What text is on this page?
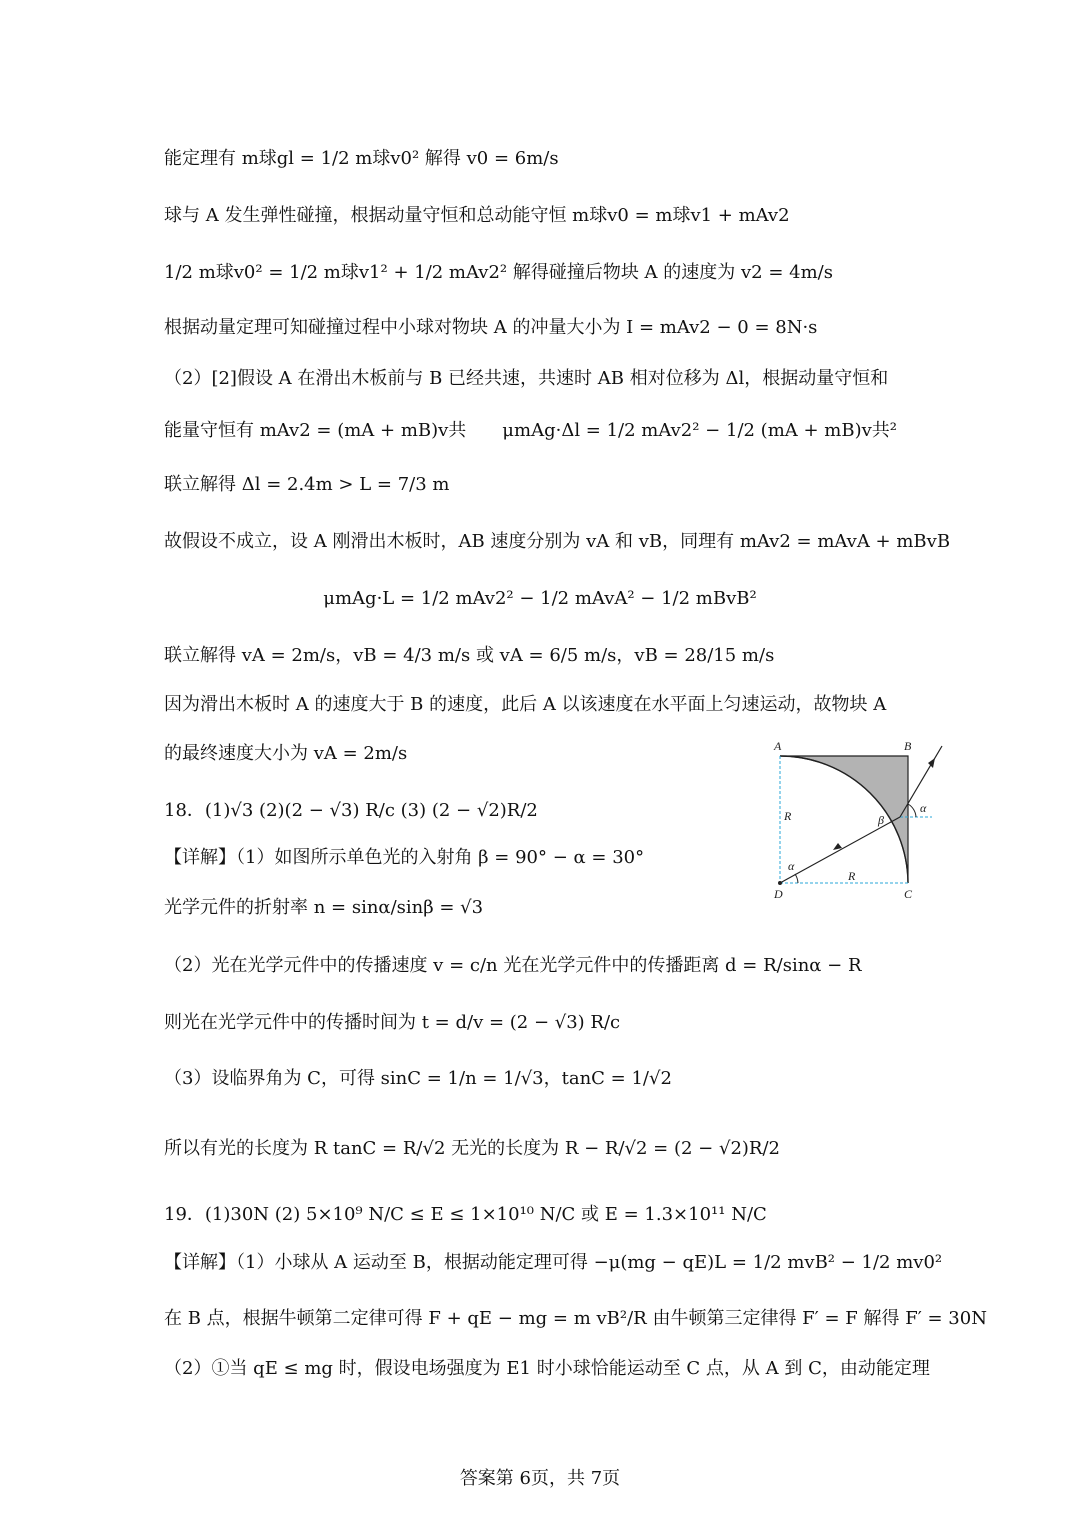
能定理有 m球gl = 1/2 m球v0² 解得 v0 = 6m/s
球与 A 发生弹性碰撞，根据动量守恒和总动能守恒 m球v0 = m球v1 + mAv2
1/2 m球v0² = 1/2 m球v1² + 1/2 mAv2² 解得碰撞后物块 A 的速度为 v2 = 4m/s
根据动量定理可知碰撞过程中小球对物块 A 的冲量大小为 I = mAv2 − 0 = 8N·s
（2）[2]假设 A 在滑出木板前与 B 已经共速，共速时 AB 相对位移为 Δl，根据动量守恒和
能量守恒有 mAv2 = (mA + mB)v共　　μmAg·Δl = 1/2 mAv2² − 1/2 (mA + mB)v共²
联立解得 Δl = 2.4m > L = 7/3 m
故假设不成立，设 A 刚滑出木板时，AB 速度分别为 vA 和 vB，同理有 mAv2 = mAvA + mBvB
μmAg·L = 1/2 mAv2² − 1/2 mAvA² − 1/2 mBvB²
联立解得 vA = 2m/s，vB = 4/3 m/s 或 vA = 6/5 m/s，vB = 28/15 m/s
因为滑出木板时 A 的速度大于 B 的速度，此后 A 以该速度在水平面上匀速运动，故物块 A
的最终速度大小为 vA = 2m/s
18．(1)√3 (2)(2 − √3) R/c (3) (2 − √2)R/2
【详解】（1）如图所示单色光的入射角 β = 90° − α = 30°
光学元件的折射率 n = sinα/sinβ = √3
（2）光在光学元件中的传播速度 v = c/n 光在光学元件中的传播距离 d = R/sinα − R
则光在光学元件中的传播时间为 t = d/v = (2 − √3) R/c
（3）设临界角为 C，可得 sinC = 1/n = 1/√3，tanC = 1/√2
所以有光的长度为 R tanC = R/√2 无光的长度为 R − R/√2 = (2 − √2)R/2
19．(1)30N (2) 5×10⁹ N/C ≤ E ≤ 1×10¹⁰ N/C 或 E = 1.3×10¹¹ N/C
【详解】（1）小球从 A 运动至 B，根据动能定理可得 −μ(mg − qE)L = 1/2 mvB² − 1/2 mv0²
在 B 点，根据牛顿第二定律可得 F + qE − mg = m vB²/R 由牛顿第三定律得 F′ = F 解得 F′ = 30N
（2）①当 qE ≤ mg 时，假设电场强度为 E1 时小球恰能运动至 C 点，从 A 到 C，由动能定理
A	B
C
D
R
R
α
α
β
答案第 6页，共 7页
